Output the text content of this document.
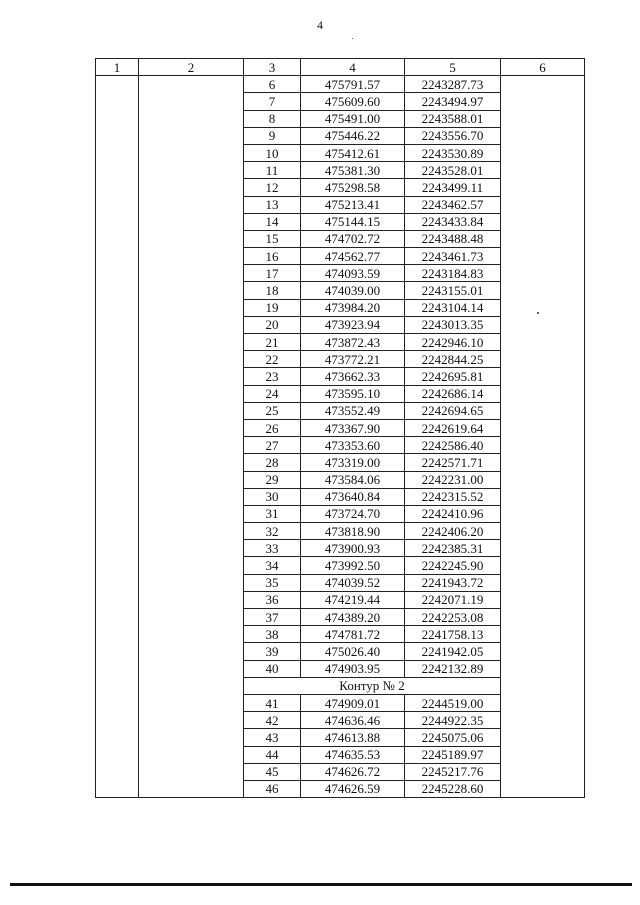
4
1	2	3	4	5	6
		6	475791.57	2243287.73	
		7	475609.60	2243494.97	
		8	475491.00	2243588.01	
		9	475446.22	2243556.70	
		10	475412.61	2243530.89	
		11	475381.30	2243528.01	
		12	475298.58	2243499.11	
		13	475213.41	2243462.57	
		14	475144.15	2243433.84	
		15	474702.72	2243488.48	
		16	474562.77	2243461.73	
		17	474093.59	2243184.83	
		18	474039.00	2243155.01	
		19	473984.20	2243104.14	
		20	473923.94	2243013.35	
		21	473872.43	2242946.10	
		22	473772.21	2242844.25	
		23	473662.33	2242695.81	
		24	473595.10	2242686.14	
		25	473552.49	2242694.65	
		26	473367.90	2242619.64	
		27	473353.60	2242586.40	
		28	473319.00	2242571.71	
		29	473584.06	2242231.00	
		30	473640.84	2242315.52	
		31	473724.70	2242410.96	
		32	473818.90	2242406.20	
		33	473900.93	2242385.31	
		34	473992.50	2242245.90	
		35	474039.52	2241943.72	
		36	474219.44	2242071.19	
		37	474389.20	2242253.08	
		38	474781.72	2241758.13	
		39	475026.40	2241942.05	
		40	474903.95	2242132.89	
		Контур № 2			
		41	474909.01	2244519.00	
		42	474636.46	2244922.35	
		43	474613.88	2245075.06	
		44	474635.53	2245189.97	
		45	474626.72	2245217.76	
		46	474626.59	2245228.60	
